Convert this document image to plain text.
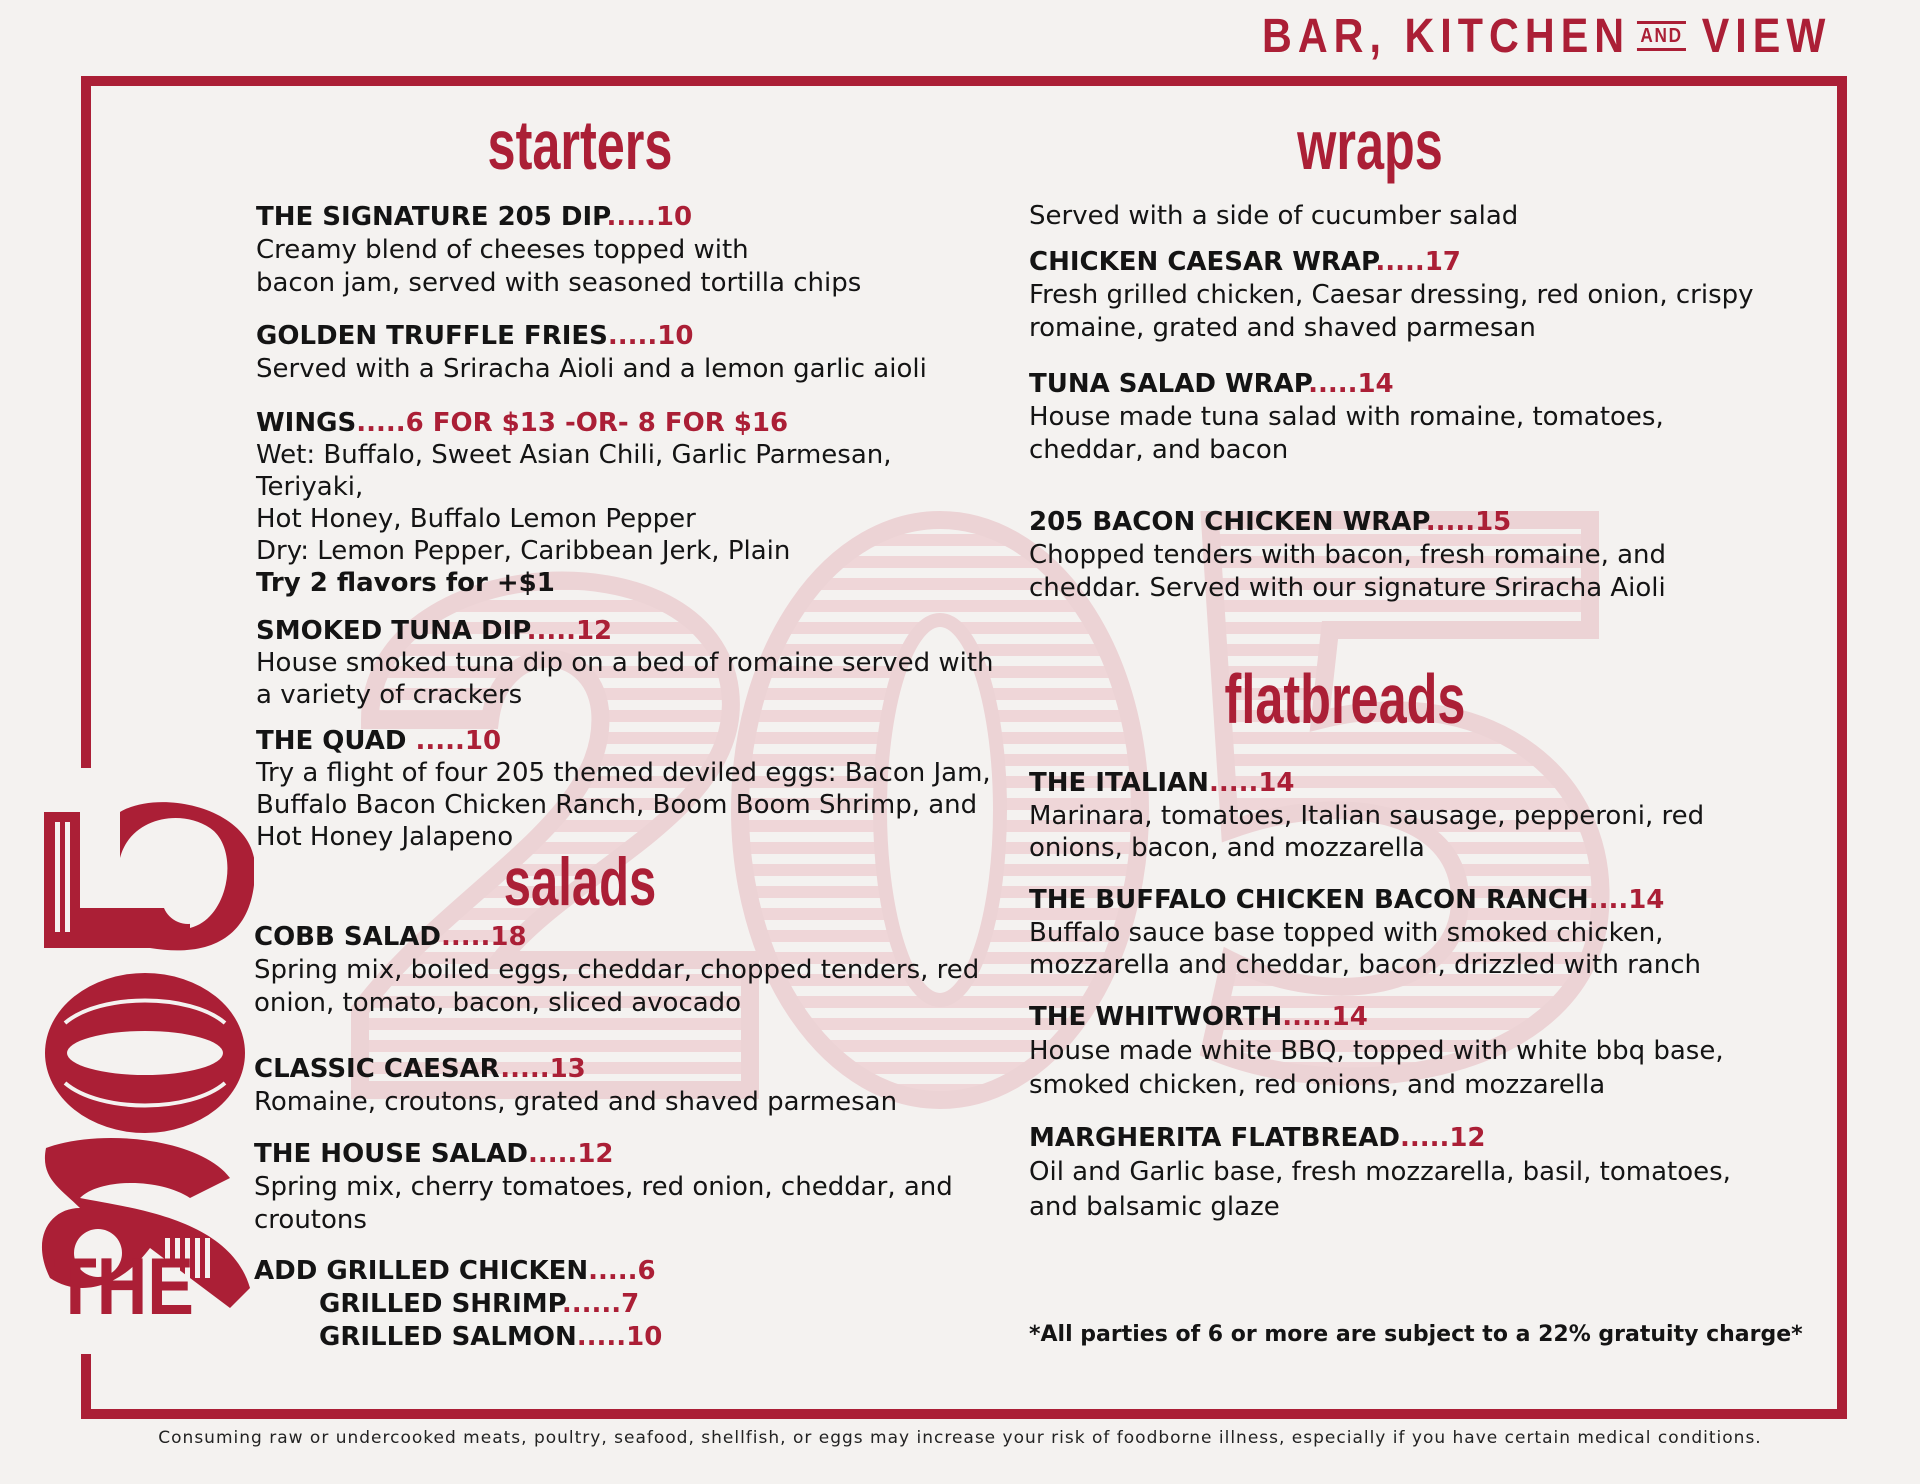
BAR, KITCHEN AND VIEW
THE
starters
THE SIGNATURE 205 DIP.....10
Creamy blend of cheeses topped with
bacon jam, served with seasoned tortilla chips
GOLDEN TRUFFLE FRIES.....10
Served with a Sriracha Aioli and a lemon garlic aioli
WINGS.....6 FOR $13 -OR- 8 FOR $16
Wet: Buffalo, Sweet Asian Chili, Garlic Parmesan, Teriyaki,
Hot Honey, Buffalo Lemon Pepper
Dry: Lemon Pepper, Caribbean Jerk, Plain
Try 2 flavors for +$1
SMOKED TUNA DIP.....12
House smoked tuna dip on a bed of romaine served with
a variety of crackers
THE QUAD .....10
Try a flight of four 205 themed deviled eggs: Bacon Jam,
Buffalo Bacon Chicken Ranch, Boom Boom Shrimp, and
Hot Honey Jalapeno
salads
COBB SALAD.....18
Spring mix, boiled eggs, cheddar, chopped tenders, red
onion, tomato, bacon, sliced avocado
CLASSIC CAESAR.....13
Romaine, croutons, grated and shaved parmesan
THE HOUSE SALAD.....12
Spring mix, cherry tomatoes, red onion, cheddar, and
croutons
ADD GRILLED CHICKEN.....6
GRILLED SHRIMP......7
GRILLED SALMON.....10
wraps
Served with a side of cucumber salad
CHICKEN CAESAR WRAP.....17
Fresh grilled chicken, Caesar dressing, red onion, crispy
romaine, grated and shaved parmesan
TUNA SALAD WRAP.....14
House made tuna salad with romaine, tomatoes,
cheddar, and bacon
205 BACON CHICKEN WRAP.....15
Chopped tenders with bacon, fresh romaine, and
cheddar. Served with our signature Sriracha Aioli
flatbreads
THE ITALIAN.....14
Marinara, tomatoes, Italian sausage, pepperoni, red
onions, bacon, and mozzarella
THE BUFFALO CHICKEN BACON RANCH....14
Buffalo sauce base topped with smoked chicken,
mozzarella and cheddar, bacon, drizzled with ranch
THE WHITWORTH.....14
House made white BBQ, topped with white bbq base,
smoked chicken, red onions, and mozzarella
MARGHERITA FLATBREAD.....12
Oil and Garlic base, fresh mozzarella, basil, tomatoes,
and balsamic glaze
*All parties of 6 or more are subject to a 22% gratuity charge*
Consuming raw or undercooked meats, poultry, seafood, shellfish, or eggs may increase your risk of foodborne illness, especially if you have certain medical conditions.
